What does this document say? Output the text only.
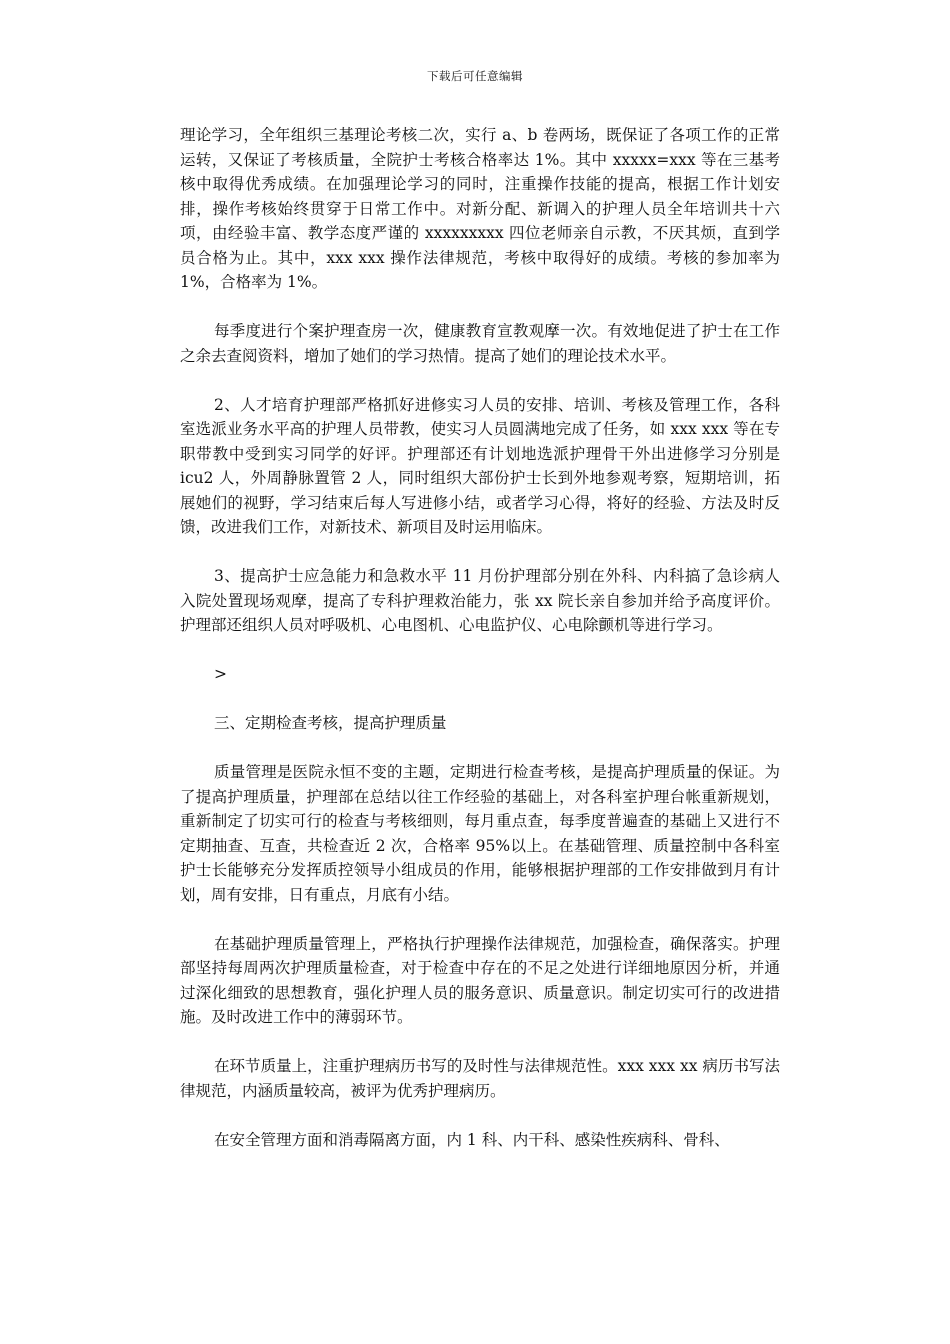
下载后可任意编辑

理论学习，全年组织三基理论考核二次，实行 a、b 卷两场，既保证了各项工作的正常运转，又保证了考核质量，全院护士考核合格率达 1%。其中 xxxxx=xxx 等在三基考核中取得优秀成绩。在加强理论学习的同时，注重操作技能的提高，根据工作计划安排，操作考核始终贯穿于日常工作中。对新分配、新调入的护理人员全年培训共十六项，由经验丰富、教学态度严谨的 xxxxxxxxx 四位老师亲自示教，不厌其烦，直到学员合格为止。其中，xxx xxx 操作法律规范，考核中取得好的成绩。考核的参加率为 1%，合格率为 1%。

每季度进行个案护理查房一次，健康教育宣教观摩一次。有效地促进了护士在工作之余去查阅资料，增加了她们的学习热情。提高了她们的理论技术水平。

2、人才培育护理部严格抓好进修实习人员的安排、培训、考核及管理工作，各科室选派业务水平高的护理人员带教，使实习人员圆满地完成了任务，如 xxx xxx 等在专职带教中受到实习同学的好评。护理部还有计划地选派护理骨干外出进修学习分别是 icu2 人，外周静脉置管 2 人，同时组织大部份护士长到外地参观考察，短期培训，拓展她们的视野，学习结束后每人写进修小结，或者学习心得，将好的经验、方法及时反馈，改进我们工作，对新技术、新项目及时运用临床。

3、提高护士应急能力和急救水平 11 月份护理部分别在外科、内科搞了急诊病人入院处置现场观摩，提高了专科护理救治能力，张 xx 院长亲自参加并给予高度评价。护理部还组织人员对呼吸机、心电图机、心电监护仪、心电除颤机等进行学习。

>

三、定期检查考核，提高护理质量

质量管理是医院永恒不变的主题，定期进行检查考核，是提高护理质量的保证。为了提高护理质量，护理部在总结以往工作经验的基础上，对各科室护理台帐重新规划，重新制定了切实可行的检查与考核细则，每月重点查，每季度普遍查的基础上又进行不定期抽查、互查，共检查近 2 次，合格率 95%以上。在基础管理、质量控制中各科室护士长能够充分发挥质控领导小组成员的作用，能够根据护理部的工作安排做到月有计划，周有安排，日有重点，月底有小结。

在基础护理质量管理上，严格执行护理操作法律规范，加强检查，确保落实。护理部坚持每周两次护理质量检查，对于检查中存在的不足之处进行详细地原因分析，并通过深化细致的思想教育，强化护理人员的服务意识、质量意识。制定切实可行的改进措施。及时改进工作中的薄弱环节。

在环节质量上，注重护理病历书写的及时性与法律规范性。xxx xxx xx 病历书写法律规范，内涵质量较高，被评为优秀护理病历。

在安全管理方面和消毒隔离方面，内 1 科、内干科、感染性疾病科、骨科、
